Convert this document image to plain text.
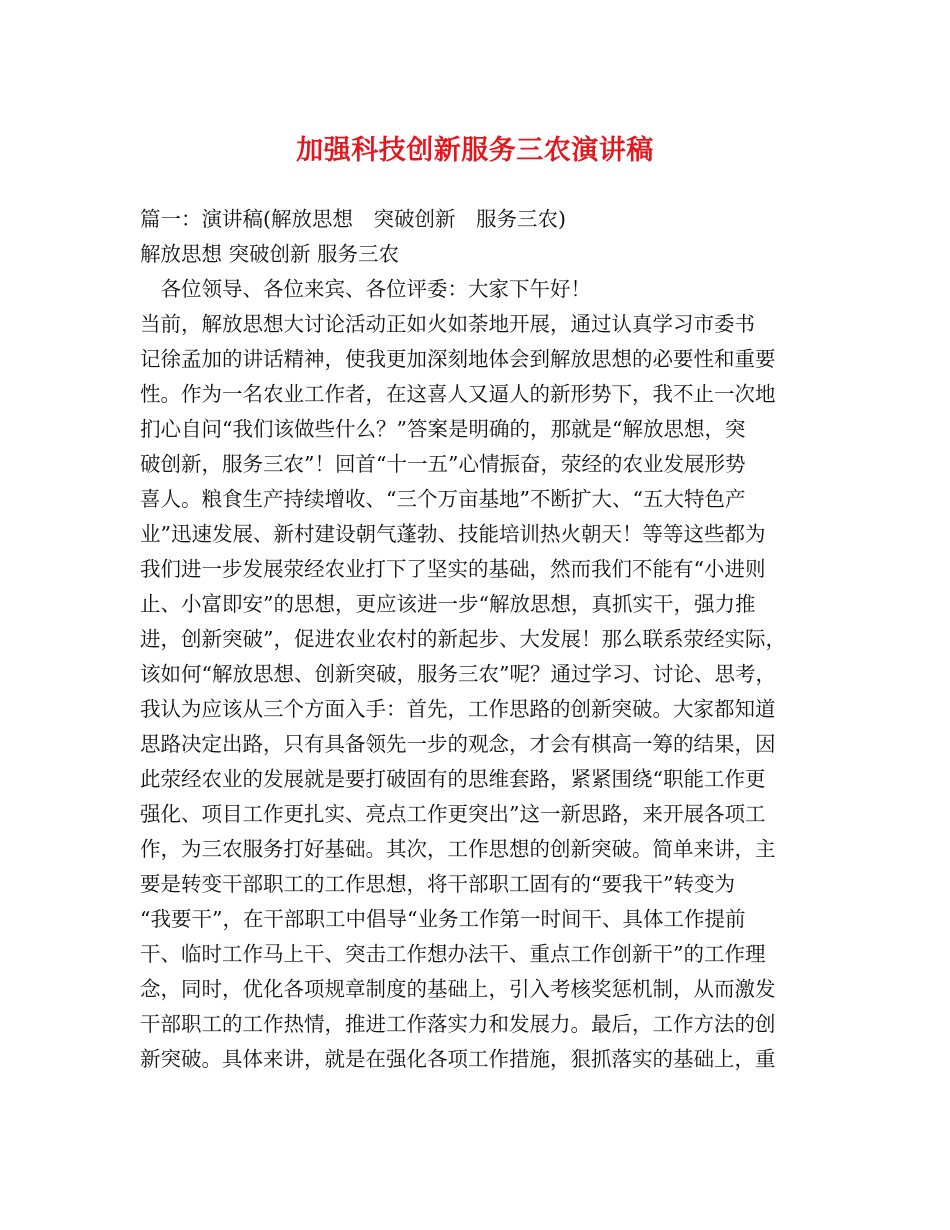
加强科技创新服务三农演讲稿
篇一：演讲稿(解放思想　突破创新　服务三农)
解放思想 突破创新 服务三农
　各位领导、各位来宾、各位评委：大家下午好！
当前，解放思想大讨论活动正如火如荼地开展，通过认真学习市委书
记徐孟加的讲话精神，使我更加深刻地体会到解放思想的必要性和重要
性。作为一名农业工作者，在这喜人又逼人的新形势下，我不止一次地
扪心自问“我们该做些什么？”答案是明确的，那就是“解放思想，突
破创新，服务三农”！回首“十一五”心情振奋，荥经的农业发展形势
喜人。粮食生产持续增收、“三个万亩基地”不断扩大、“五大特色产
业”迅速发展、新村建设朝气蓬勃、技能培训热火朝天！等等这些都为
我们进一步发展荥经农业打下了坚实的基础，然而我们不能有“小进则
止、小富即安”的思想，更应该进一步“解放思想，真抓实干，强力推
进，创新突破”，促进农业农村的新起步、大发展！那么联系荥经实际，
该如何“解放思想、创新突破，服务三农”呢？通过学习、讨论、思考，
我认为应该从三个方面入手：首先，工作思路的创新突破。大家都知道
思路决定出路，只有具备领先一步的观念，才会有棋高一筹的结果，因
此荥经农业的发展就是要打破固有的思维套路，紧紧围绕“职能工作更
强化、项目工作更扎实、亮点工作更突出”这一新思路，来开展各项工
作，为三农服务打好基础。其次，工作思想的创新突破。简单来讲，主
要是转变干部职工的工作思想，将干部职工固有的“要我干”转变为
“我要干”，在干部职工中倡导“业务工作第一时间干、具体工作提前
干、临时工作马上干、突击工作想办法干、重点工作创新干”的工作理
念，同时，优化各项规章制度的基础上，引入考核奖惩机制，从而激发
干部职工的工作热情，推进工作落实力和发展力。最后，工作方法的创
新突破。具体来讲，就是在强化各项工作措施，狠抓落实的基础上，重
